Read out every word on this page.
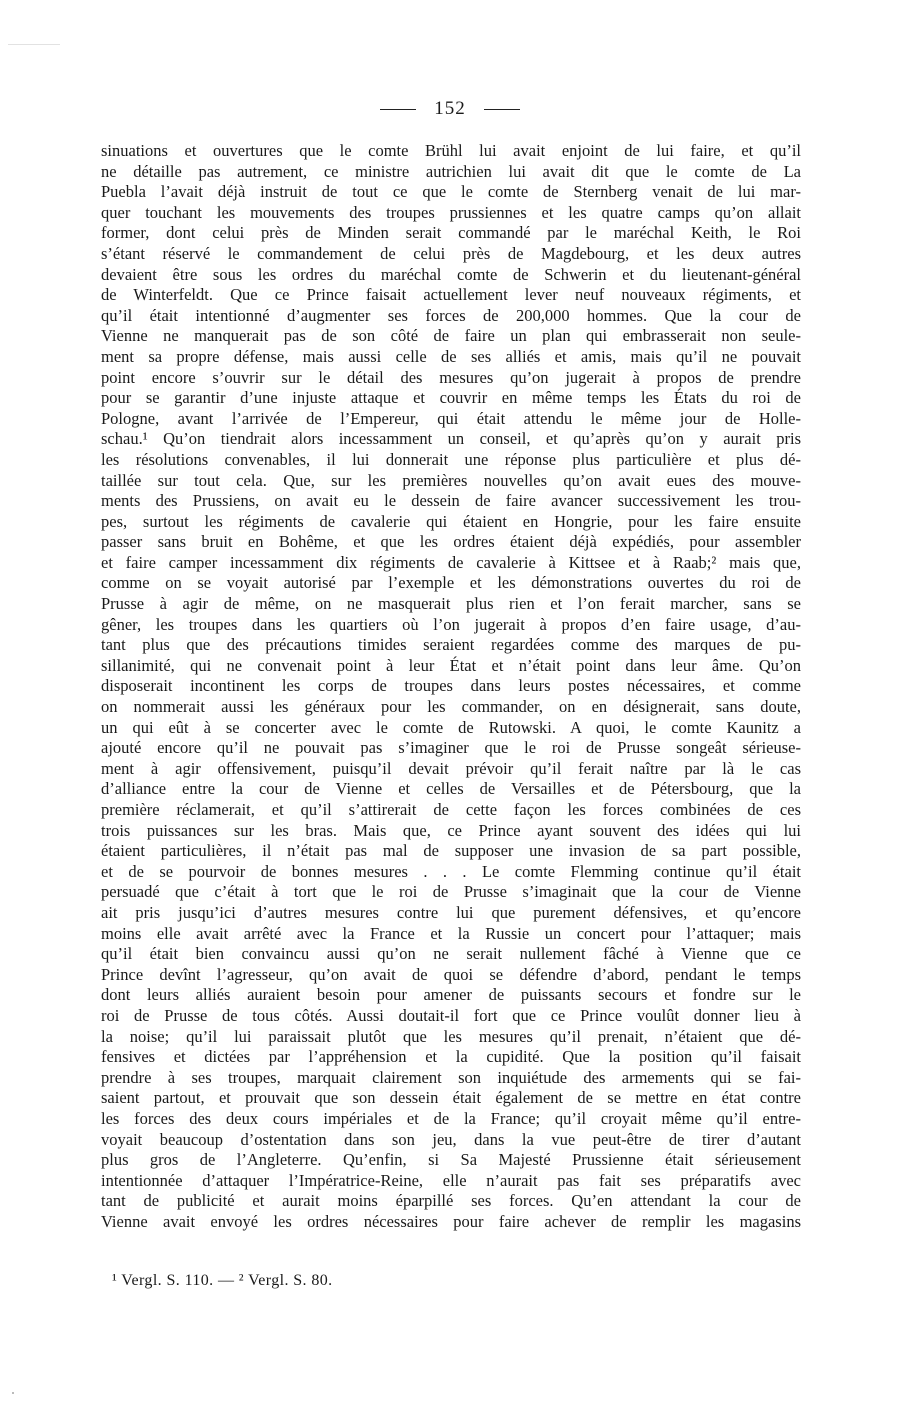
152
sinuations et ouvertures que le comte Brühl lui avait enjoint de lui faire, et qu’il
ne détaille pas autrement, ce ministre autrichien lui avait dit que le comte de La
Puebla l’avait déjà instruit de tout ce que le comte de Sternberg venait de lui mar-
quer touchant les mouvements des troupes prussiennes et les quatre camps qu’on allait
former, dont celui près de Minden serait commandé par le maréchal Keith, le Roi
s’étant réservé le commandement de celui près de Magdebourg, et les deux autres
devaient être sous les ordres du maréchal comte de Schwerin et du lieutenant-général
de Winterfeldt. Que ce Prince faisait actuellement lever neuf nouveaux régiments, et
qu’il était intentionné d’augmenter ses forces de 200,000 hommes. Que la cour de
Vienne ne manquerait pas de son côté de faire un plan qui embrasserait non seule-
ment sa propre défense, mais aussi celle de ses alliés et amis, mais qu’il ne pouvait
point encore s’ouvrir sur le détail des mesures qu’on jugerait à propos de prendre
pour se garantir d’une injuste attaque et couvrir en même temps les États du roi de
Pologne, avant l’arrivée de l’Empereur, qui était attendu le même jour de Holle-
schau.¹ Qu’on tiendrait alors incessamment un conseil, et qu’après qu’on y aurait pris
les résolutions convenables, il lui donnerait une réponse plus particulière et plus dé-
taillée sur tout cela. Que, sur les premières nouvelles qu’on avait eues des mouve-
ments des Prussiens, on avait eu le dessein de faire avancer successivement les trou-
pes, surtout les régiments de cavalerie qui étaient en Hongrie, pour les faire ensuite
passer sans bruit en Bohême, et que les ordres étaient déjà expédiés, pour assembler
et faire camper incessamment dix régiments de cavalerie à Kittsee et à Raab;² mais que,
comme on se voyait autorisé par l’exemple et les démonstrations ouvertes du roi de
Prusse à agir de même, on ne masquerait plus rien et l’on ferait marcher, sans se
gêner, les troupes dans les quartiers où l’on jugerait à propos d’en faire usage, d’au-
tant plus que des précautions timides seraient regardées comme des marques de pu-
sillanimité, qui ne convenait point à leur État et n’était point dans leur âme. Qu’on
disposerait incontinent les corps de troupes dans leurs postes nécessaires, et comme
on nommerait aussi les généraux pour les commander, on en désignerait, sans doute,
un qui eût à se concerter avec le comte de Rutowski. A quoi, le comte Kaunitz a
ajouté encore qu’il ne pouvait pas s’imaginer que le roi de Prusse songeât sérieuse-
ment à agir offensivement, puisqu’il devait prévoir qu’il ferait naître par là le cas
d’alliance entre la cour de Vienne et celles de Versailles et de Pétersbourg, que la
première réclamerait, et qu’il s’attirerait de cette façon les forces combinées de ces
trois puissances sur les bras. Mais que, ce Prince ayant souvent des idées qui lui
étaient particulières, il n’était pas mal de supposer une invasion de sa part possible,
et de se pourvoir de bonnes mesures . . . Le comte Flemming continue qu’il était
persuadé que c’était à tort que le roi de Prusse s’imaginait que la cour de Vienne
ait pris jusqu’ici d’autres mesures contre lui que purement défensives, et qu’encore
moins elle avait arrêté avec la France et la Russie un concert pour l’attaquer; mais
qu’il était bien convaincu aussi qu’on ne serait nullement fâché à Vienne que ce
Prince devînt l’agresseur, qu’on avait de quoi se défendre d’abord, pendant le temps
dont leurs alliés auraient besoin pour amener de puissants secours et fondre sur le
roi de Prusse de tous côtés. Aussi doutait-il fort que ce Prince voulût donner lieu à
la noise; qu’il lui paraissait plutôt que les mesures qu’il prenait, n’étaient que dé-
fensives et dictées par l’appréhension et la cupidité. Que la position qu’il faisait
prendre à ses troupes, marquait clairement son inquiétude des armements qui se fai-
saient partout, et prouvait que son dessein était également de se mettre en état contre
les forces des deux cours impériales et de la France; qu’il croyait même qu’il entre-
voyait beaucoup d’ostentation dans son jeu, dans la vue peut-être de tirer d’autant
plus gros de l’Angleterre. Qu’enfin, si Sa Majesté Prussienne était sérieusement
intentionnée d’attaquer l’Impératrice-Reine, elle n’aurait pas fait ses préparatifs avec
tant de publicité et aurait moins éparpillé ses forces. Qu’en attendant la cour de
Vienne avait envoyé les ordres nécessaires pour faire achever de remplir les magasins
¹ Vergl. S. 110. — ² Vergl. S. 80.
